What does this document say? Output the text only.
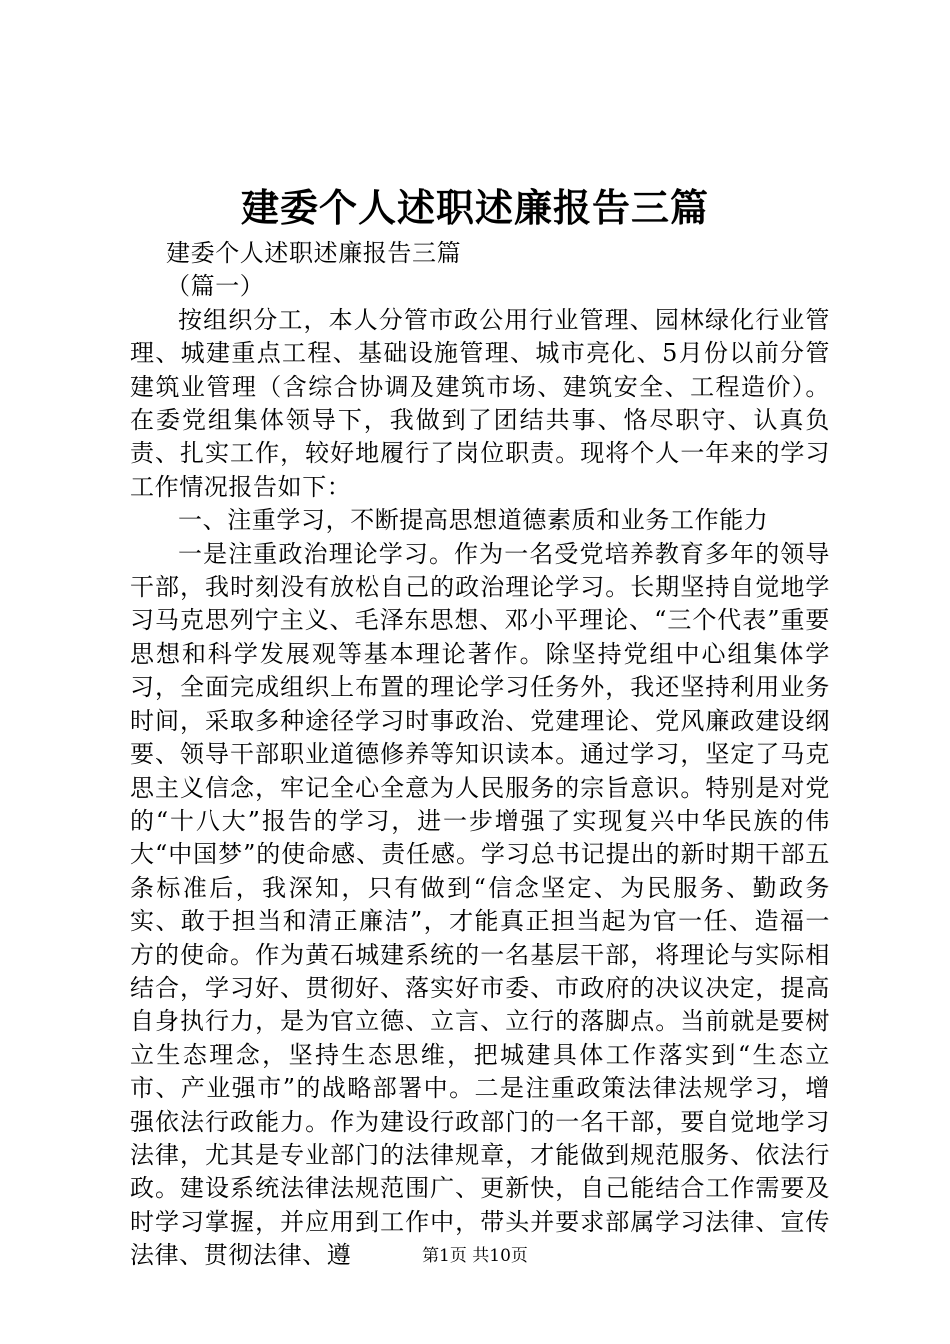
建委个人述职述廉报告三篇

建委个人述职述廉报告三篇

（篇一）

按组织分工，本人分管市政公用行业管理、园林绿化行业管理、城建重点工程、基础设施管理、城市亮化、5月份以前分管建筑业管理（含综合协调及建筑市场、建筑安全、工程造价）。在委党组集体领导下，我做到了团结共事、恪尽职守、认真负责、扎实工作，较好地履行了岗位职责。现将个人一年来的学习工作情况报告如下：

一、注重学习，不断提高思想道德素质和业务工作能力

一是注重政治理论学习。作为一名受党培养教育多年的领导干部，我时刻没有放松自己的政治理论学习。长期坚持自觉地学习马克思列宁主义、毛泽东思想、邓小平理论、“三个代表”重要思想和科学发展观等基本理论著作。除坚持党组中心组集体学习，全面完成组织上布置的理论学习任务外，我还坚持利用业务时间，采取多种途径学习时事政治、党建理论、党风廉政建设纲要、领导干部职业道德修养等知识读本。通过学习，坚定了马克思主义信念，牢记全心全意为人民服务的宗旨意识。特别是对党的“十八大”报告的学习，进一步增强了实现复兴中华民族的伟大“中国梦”的使命感、责任感。学习总书记提出的新时期干部五条标准后，我深知，只有做到“信念坚定、为民服务、勤政务实、敢于担当和清正廉洁”，才能真正担当起为官一任、造福一方的使命。作为黄石城建系统的一名基层干部，将理论与实际相结合，学习好、贯彻好、落实好市委、市政府的决议决定，提高自身执行力，是为官立德、立言、立行的落脚点。当前就是要树立生态理念，坚持生态思维，把城建具体工作落实到“生态立市、产业强市”的战略部署中。二是注重政策法律法规学习，增强依法行政能力。作为建设行政部门的一名干部，要自觉地学习法律，尤其是专业部门的法律规章，才能做到规范服务、依法行政。建设系统法律法规范围广、更新快，自己能结合工作需要及时学习掌握，并应用到工作中，带头并要求部属学习法律、宣传法律、贯彻法律、遵	第1页 共10页
